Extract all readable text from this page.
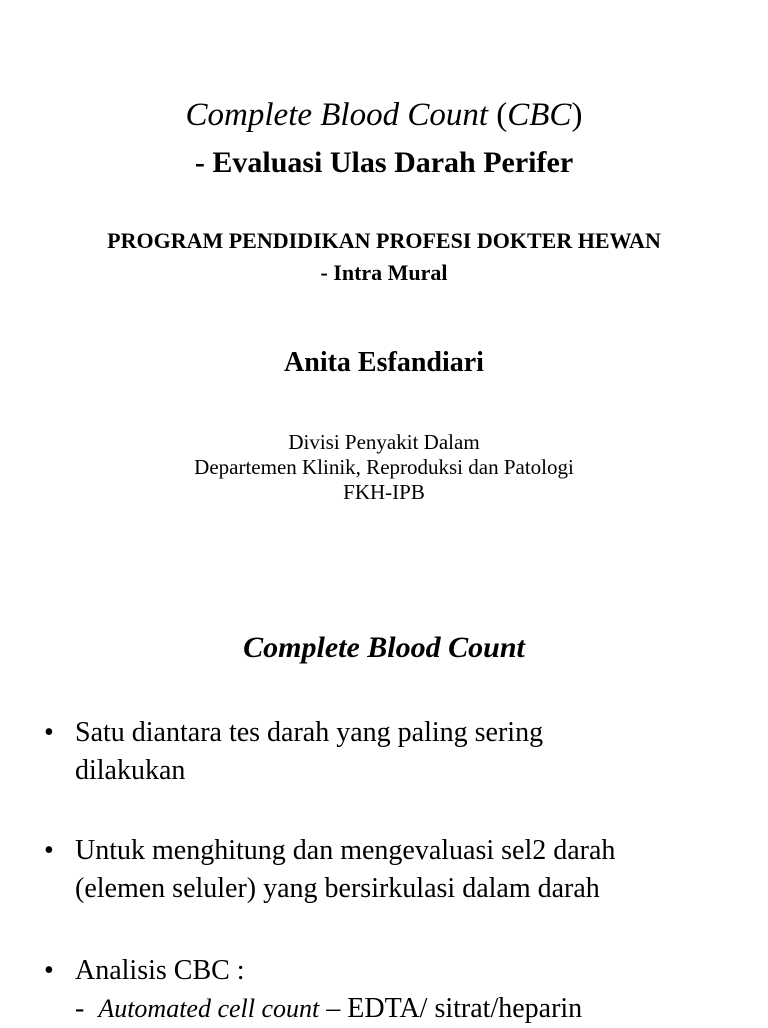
Complete Blood Count (CBC)
- Evaluasi Ulas Darah Perifer
PROGRAM PENDIDIKAN PROFESI DOKTER HEWAN
- Intra Mural
Anita Esfandiari
Divisi Penyakit Dalam
Departemen Klinik, Reproduksi dan Patologi
FKH-IPB
Complete Blood Count
• Satu diantara tes darah yang paling sering
dilakukan
• Untuk menghitung dan mengevaluasi sel2 darah
(elemen seluler) yang bersirkulasi dalam darah
• Analisis CBC :
- Automated cell count – EDTA/ sitrat/heparin
